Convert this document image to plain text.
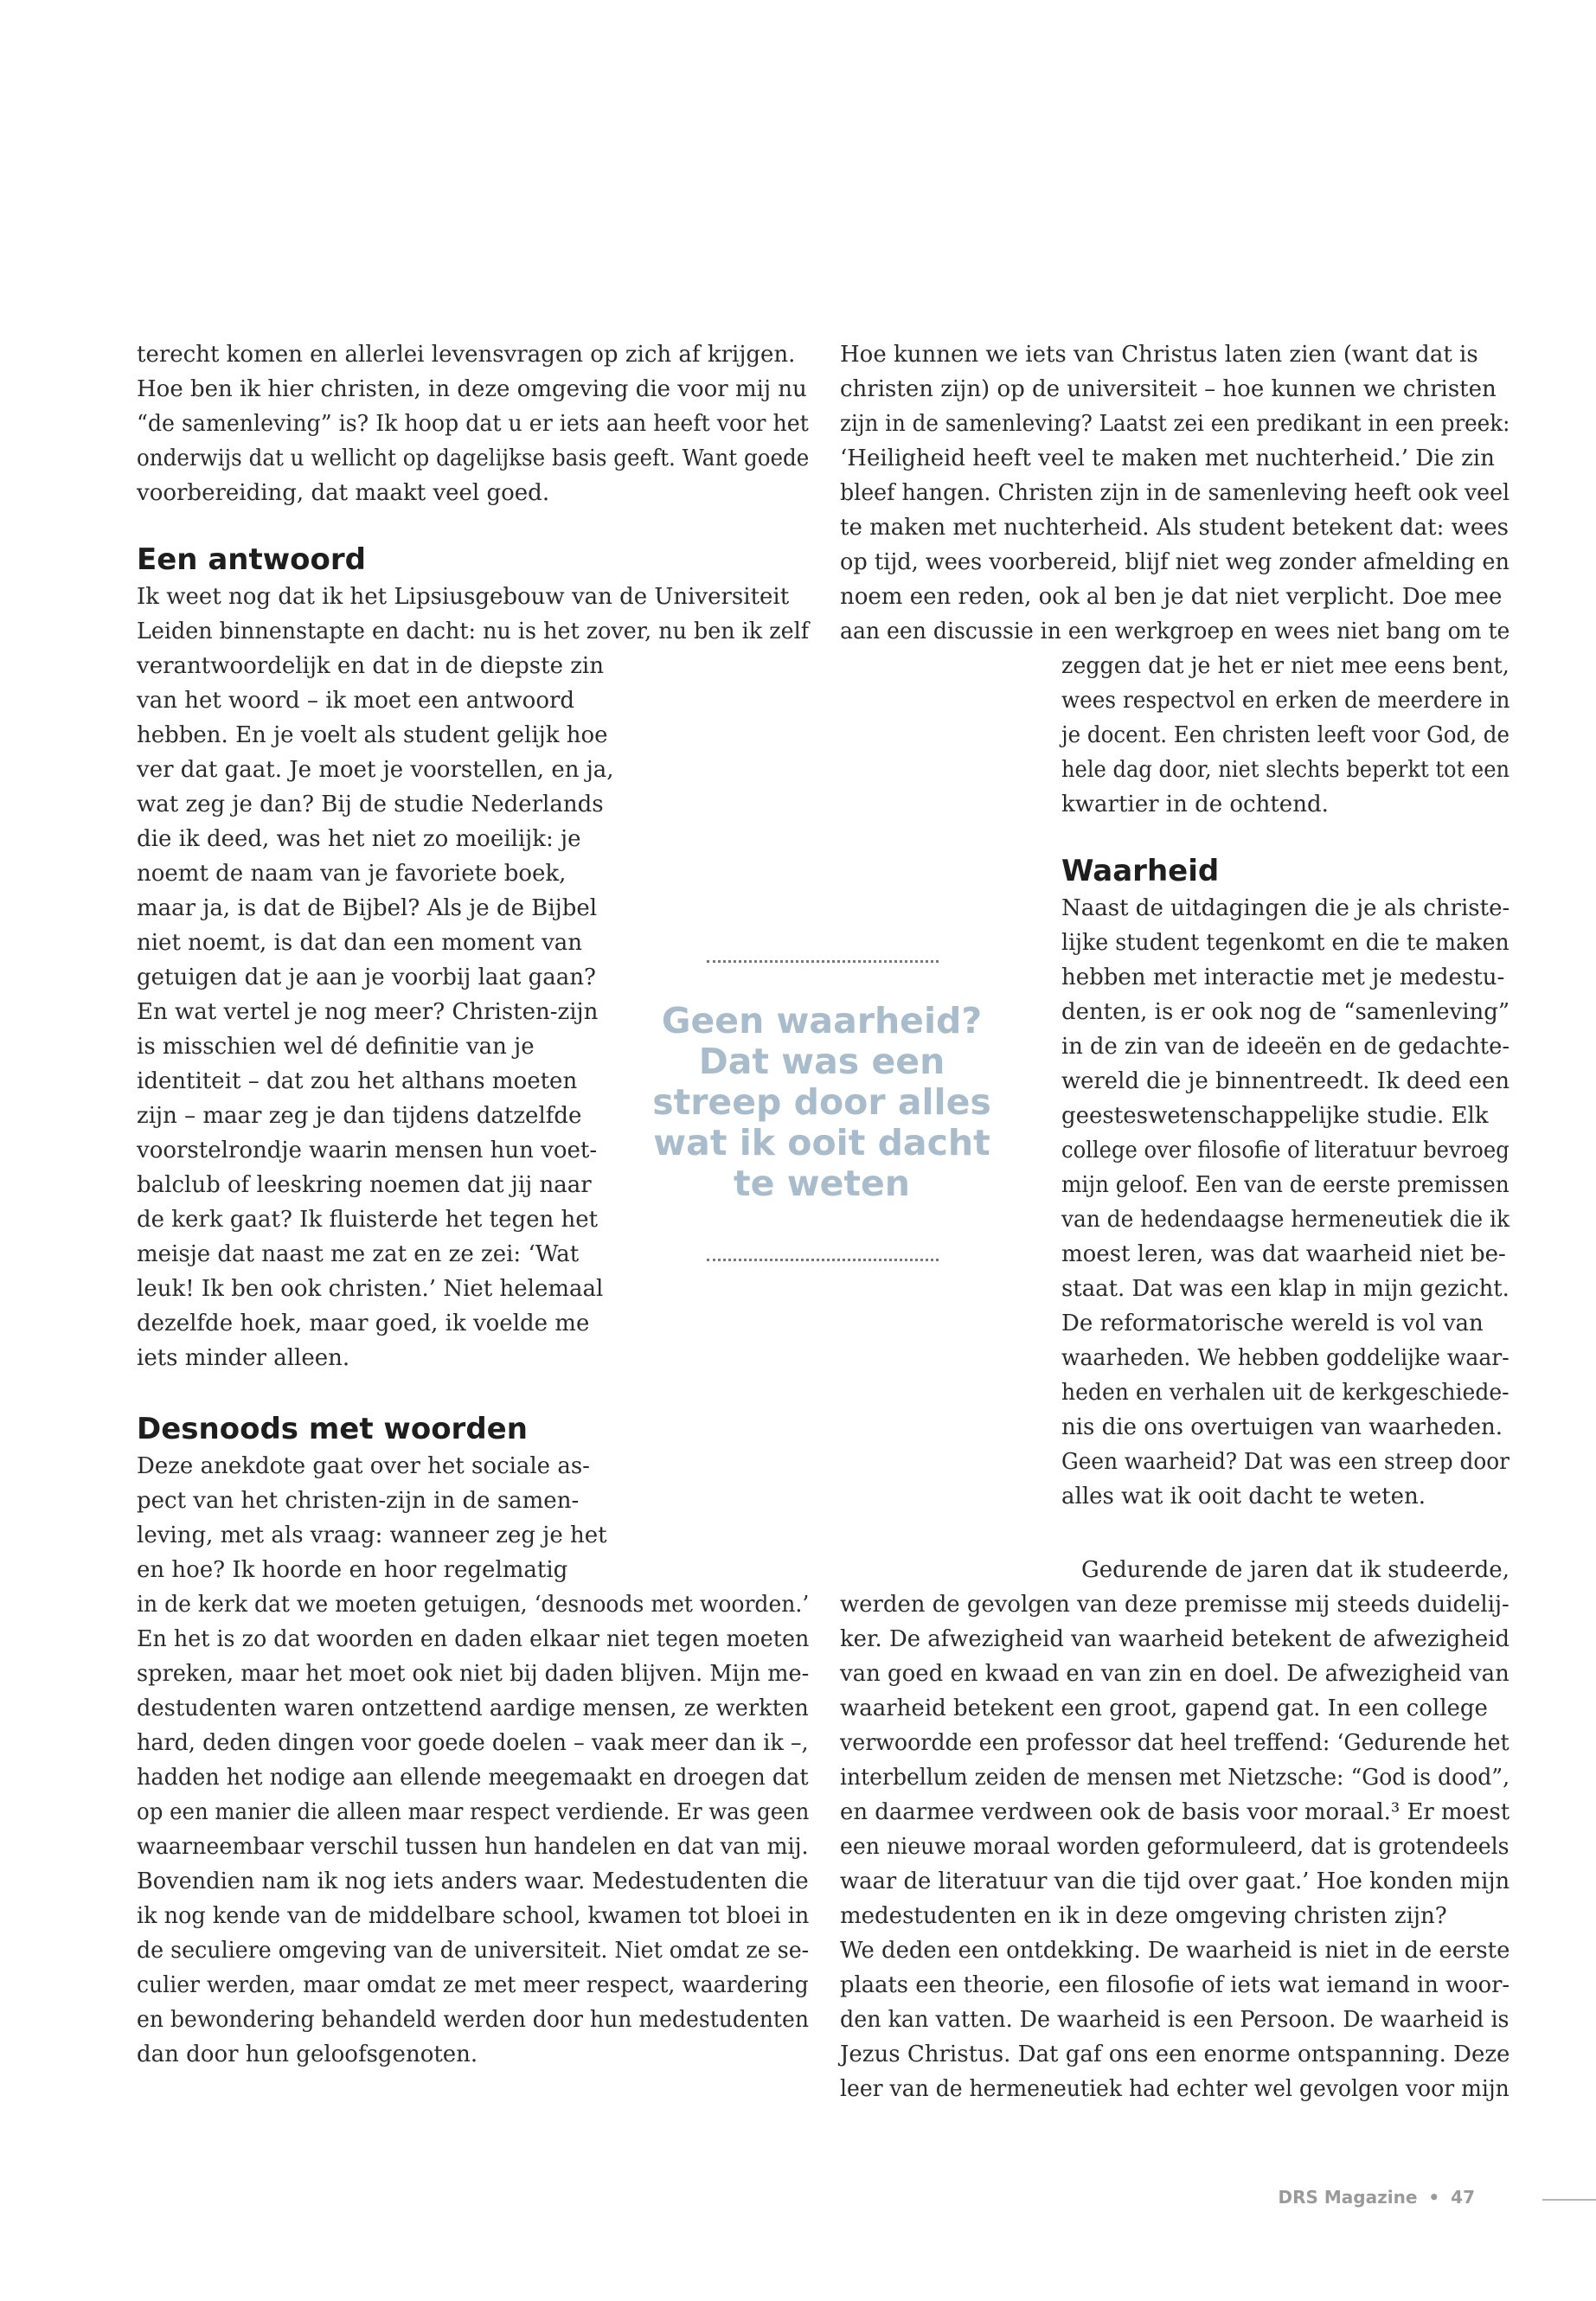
terecht komen en allerlei levensvragen op zich af krijgen.
Hoe ben ik hier christen, in deze omgeving die voor mij nu
“de samenleving” is? Ik hoop dat u er iets aan heeft voor het
onderwijs dat u wellicht op dagelijkse basis geeft. Want goede
voorbereiding, dat maakt veel goed.
Een antwoord
Ik weet nog dat ik het Lipsiusgebouw van de Universiteit
Leiden binnenstapte en dacht: nu is het zover, nu ben ik zelf
verantwoordelijk en dat in de diepste zin
van het woord – ik moet een antwoord
hebben. En je voelt als student gelijk hoe
ver dat gaat. Je moet je voorstellen, en ja,
wat zeg je dan? Bij de studie Nederlands
die ik deed, was het niet zo moeilijk: je
noemt de naam van je favoriete boek,
maar ja, is dat de Bijbel? Als je de Bijbel
niet noemt, is dat dan een moment van
getuigen dat je aan je voorbij laat gaan?
En wat vertel je nog meer? Christen-zijn
is misschien wel dé definitie van je
identiteit – dat zou het althans moeten
zijn – maar zeg je dan tijdens datzelfde
voorstelrondje waarin mensen hun voet-
balclub of leeskring noemen dat jij naar
de kerk gaat? Ik fluisterde het tegen het
meisje dat naast me zat en ze zei: ‘Wat
leuk! Ik ben ook christen.’ Niet helemaal
dezelfde hoek, maar goed, ik voelde me
iets minder alleen.
Desnoods met woorden
Deze anekdote gaat over het sociale as-
pect van het christen-zijn in de samen-
leving, met als vraag: wanneer zeg je het
en hoe? Ik hoorde en hoor regelmatig
in de kerk dat we moeten getuigen, ‘desnoods met woorden.’
En het is zo dat woorden en daden elkaar niet tegen moeten
spreken, maar het moet ook niet bij daden blijven. Mijn me-
destudenten waren ontzettend aardige mensen, ze werkten
hard, deden dingen voor goede doelen – vaak meer dan ik –,
hadden het nodige aan ellende meegemaakt en droegen dat
op een manier die alleen maar respect verdiende. Er was geen
waarneembaar verschil tussen hun handelen en dat van mij.
Bovendien nam ik nog iets anders waar. Medestudenten die
ik nog kende van de middelbare school, kwamen tot bloei in
de seculiere omgeving van de universiteit. Niet omdat ze se-
culier werden, maar omdat ze met meer respect, waardering
en bewondering behandeld werden door hun medestudenten
dan door hun geloofsgenoten.
Geen waarheid?
Dat was een
streep door alles
wat ik ooit dacht
te weten
Hoe kunnen we iets van Christus laten zien (want dat is
christen zijn) op de universiteit – hoe kunnen we christen
zijn in de samenleving? Laatst zei een predikant in een preek:
‘Heiligheid heeft veel te maken met nuchterheid.’ Die zin
bleef hangen. Christen zijn in de samenleving heeft ook veel
te maken met nuchterheid. Als student betekent dat: wees
op tijd, wees voorbereid, blijf niet weg zonder afmelding en
noem een reden, ook al ben je dat niet verplicht. Doe mee
aan een discussie in een werkgroep en wees niet bang om te
zeggen dat je het er niet mee eens bent,
wees respectvol en erken de meerdere in
je docent. Een christen leeft voor God, de
hele dag door, niet slechts beperkt tot een
kwartier in de ochtend.
Waarheid
Naast de uitdagingen die je als christe-
lijke student tegenkomt en die te maken
hebben met interactie met je medestu-
denten, is er ook nog de “samenleving”
in de zin van de ideeën en de gedachte-
wereld die je binnentreedt. Ik deed een
geesteswetenschappelijke studie. Elk
college over filosofie of literatuur bevroeg
mijn geloof. Een van de eerste premissen
van de hedendaagse hermeneutiek die ik
moest leren, was dat waarheid niet be-
staat. Dat was een klap in mijn gezicht.
De reformatorische wereld is vol van
waarheden. We hebben goddelijke waar-
heden en verhalen uit de kerkgeschiede-
nis die ons overtuigen van waarheden.
Geen waarheid? Dat was een streep door
alles wat ik ooit dacht te weten.
Gedurende de jaren dat ik studeerde,
werden de gevolgen van deze premisse mij steeds duidelij-
ker. De afwezigheid van waarheid betekent de afwezigheid
van goed en kwaad en van zin en doel. De afwezigheid van
waarheid betekent een groot, gapend gat. In een college
verwoordde een professor dat heel treffend: ‘Gedurende het
interbellum zeiden de mensen met Nietzsche: “God is dood”,
en daarmee verdween ook de basis voor moraal.³ Er moest
een nieuwe moraal worden geformuleerd, dat is grotendeels
waar de literatuur van die tijd over gaat.’ Hoe konden mijn
medestudenten en ik in deze omgeving christen zijn?
We deden een ontdekking. De waarheid is niet in de eerste
plaats een theorie, een filosofie of iets wat iemand in woor-
den kan vatten. De waarheid is een Persoon. De waarheid is
Jezus Christus. Dat gaf ons een enorme ontspanning. Deze
leer van de hermeneutiek had echter wel gevolgen voor mijn
DRS Magazine • 47
